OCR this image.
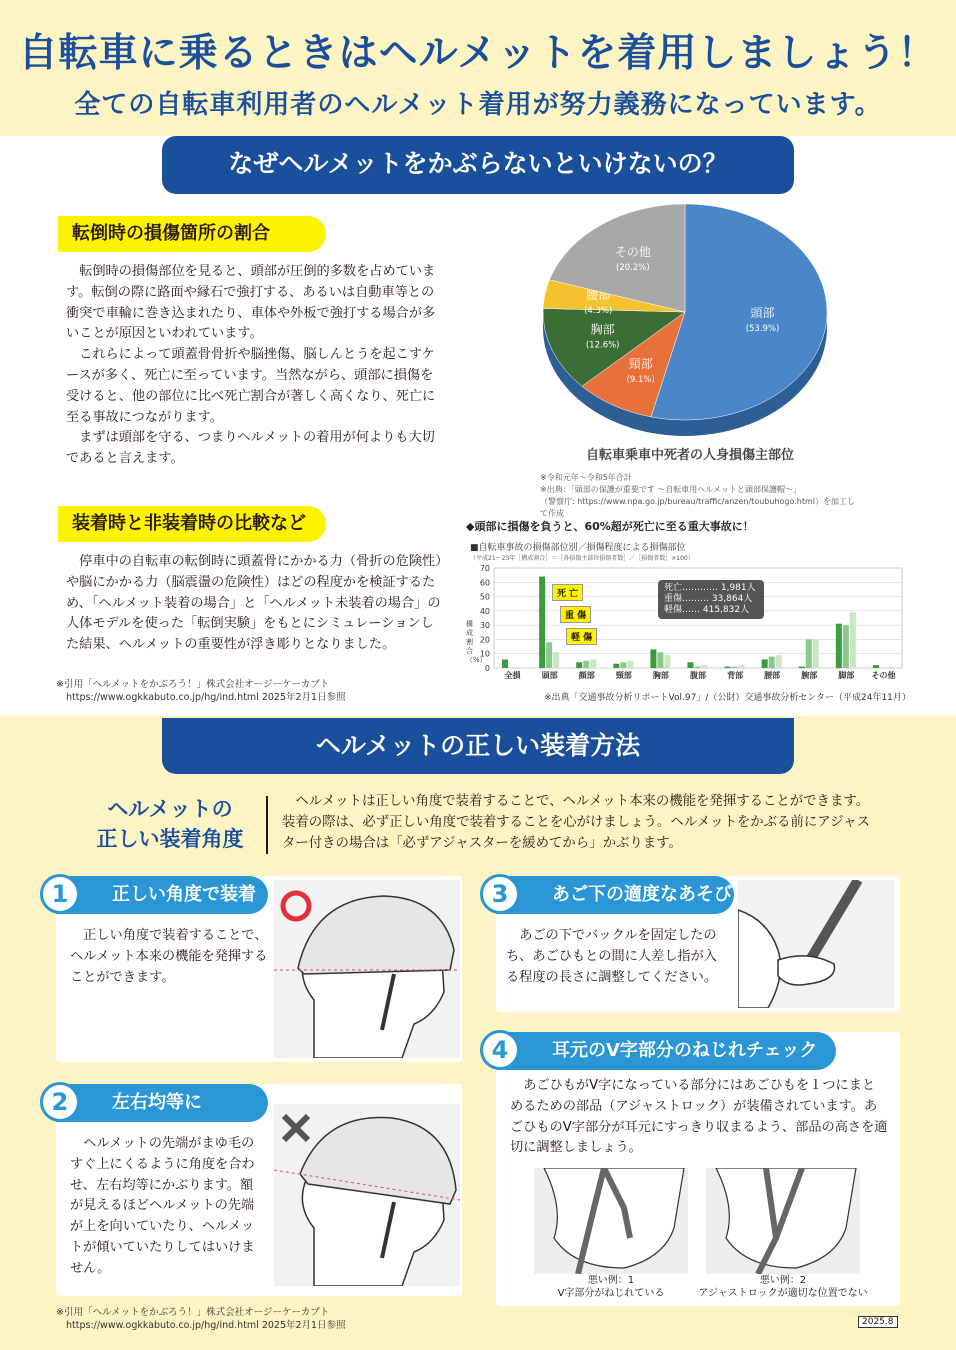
自転車に乗るときはヘルメットを着用しましょう！
全ての自転車利用者のヘルメット着用が努力義務になっています。
なぜヘルメットをかぶらないといけないの？
転倒時の損傷箇所の割合

　転倒時の損傷部位を見ると、頭部が圧倒的多数を占めています。転倒の際に路面や縁石で強打する、あるいは自動車等との衝突で車輪に巻き込まれたり、車体や外板で強打する場合が多いことが原因といわれています。

　これらによって頭蓋骨骨折や脳挫傷、脳しんとうを起こすケースが多く、死亡に至っています。当然ながら、頭部に損傷を受けると、他の部位に比べ死亡割合が著しく高くなり、死亡に至る事故につながります。

　まずは頭部を守る、つまりヘルメットの着用が何よりも大切であると言えます。

頭部
(53.9%)
頸部
(9.1%)
胸部
(12.6%)
腰部
(4.3%)
その他
(20.2%)
自転車乗車中死者の人身損傷主部位
※令和元年～令和5年合計
※出典：「頭部の保護が重要です ～自転車用ヘルメットと頭部保護帽～」
（警察庁: https://www.npa.go.jp/bureau/traffic/anzen/toubuhogo.html）を加工して作成
装着時と非装着時の比較など
　停車中の自転車の転倒時に頭蓋骨にかかる力（骨折の危険性）や脳にかかる力（脳震盪の危険性）はどの程度かを検証するため、「ヘルメット装着の場合」と「ヘルメット未装着の場合」の人体モデルを使った「転倒実験」をもとにシミュレーションした結果、ヘルメットの重要性が浮き彫りとなりました。
◆頭部に損傷を負うと、60%超が死亡に至る重大事故に！
■自転車事故の損傷部位別／損傷程度による損傷部位
（平成21～23年［構成割合］＝［各損傷主部位損傷者数］／［損傷者数］×100）
0
10
20
30
40
50
60
70
全損	頭部	顔部	頸部	胸部	腹部	背部	腰部	腕部	脚部 その他
構成割合（%）
死 亡
重 傷
軽 傷
死亡………… 1,981人
重傷……… 33,864人
軽傷…… 415,832人
※出典「交通事故分析リポートVol.97」/（公財）交通事故分析センター（平成24年11月）
※引用「ヘルメットをかぶろう！」株式会社オージーケーカブト
https://www.ogkkabuto.co.jp/hg/ind.html 2025年2月1日参照
ヘルメットの正しい装着方法
ヘルメットの
正しい装着角度
ヘルメットは正しい角度で装着することで、ヘルメット本来の機能を発揮することができます。装着の際は、必ず正しい角度で装着することを心がけましょう。ヘルメットをかぶる前にアジャスター付きの場合は「必ずアジャスターを緩めてから」かぶります。
正しい角度で装着
1
正しい角度で装着することで、ヘルメット本来の機能を発揮することができます。
左右均等に
2
ヘルメットの先端がまゆ毛のすぐ上にくるように角度を合わせ、左右均等にかぶります。額が見えるほどヘルメットの先端が上を向いていたり、ヘルメットが傾いていたりしてはいけません。
あご下の適度なあそび
3
あごの下でバックルを固定したのち、あごひもとの間に人差し指が入る程度の長さに調整してください。
耳元のV字部分のねじれチェック
4
あごひもがV字になっている部分にはあごひもを１つにまとめるための部品（アジャストロック）が装備されています。あごひものV字部分が耳元にすっきり収まるよう、部品の高さを適切に調整しましょう。
悪い例：1
V字部分がねじれている
悪い例：2
アジャストロックが適切な位置でない
※引用「ヘルメットをかぶろう！」株式会社オージーケーカブト
https://www.ogkkabuto.co.jp/hg/ind.html 2025年2月1日参照	2025.8
